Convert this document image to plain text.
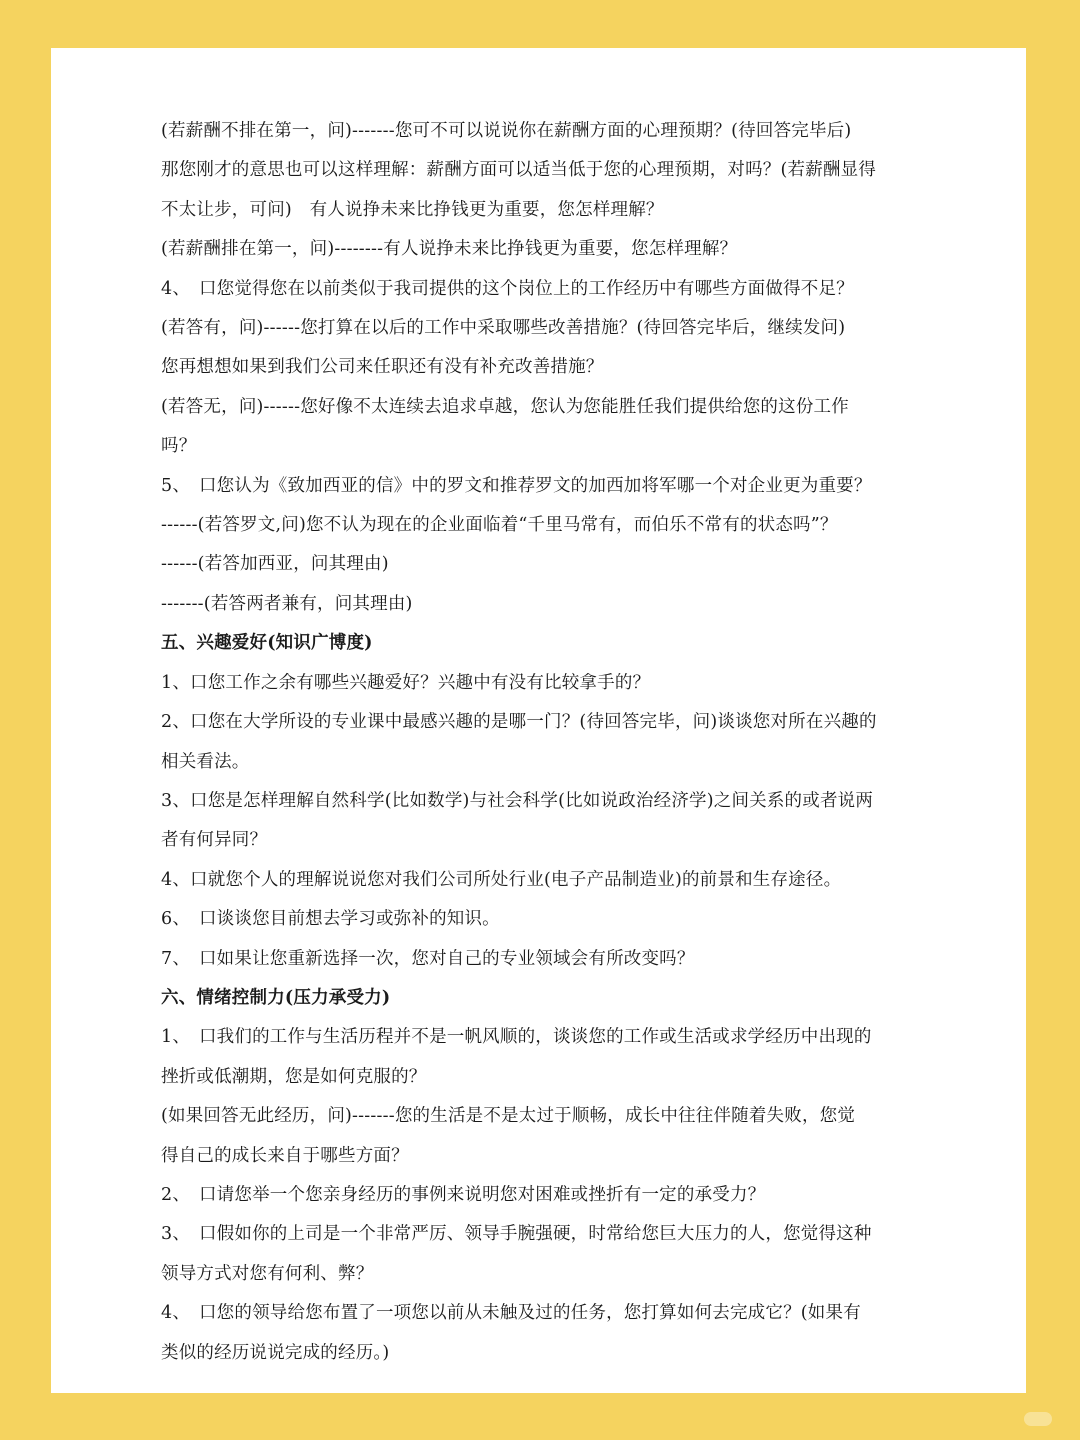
(若薪酬不排在第一，问)-------您可不可以说说你在薪酬方面的心理预期？(待回答完毕后)
那您刚才的意思也可以这样理解：薪酬方面可以适当低于您的心理预期，对吗？(若薪酬显得
不太让步，可问)　有人说挣未来比挣钱更为重要，您怎样理解？
(若薪酬排在第一，问)--------有人说挣未来比挣钱更为重要，您怎样理解？
4、　口您觉得您在以前类似于我司提供的这个岗位上的工作经历中有哪些方面做得不足？
(若答有，问)------您打算在以后的工作中采取哪些改善措施？(待回答完毕后，继续发问)
您再想想如果到我们公司来任职还有没有补充改善措施？
(若答无，问)------您好像不太连续去追求卓越，您认为您能胜任我们提供给您的这份工作
吗？
5、　口您认为《致加西亚的信》中的罗文和推荐罗文的加西加将军哪一个对企业更为重要？
------(若答罗文,问)您不认为现在的企业面临着“千里马常有，而伯乐不常有的状态吗”？
------(若答加西亚，问其理由)
-------(若答两者兼有，问其理由)
五、兴趣爱好(知识广博度)
1、口您工作之余有哪些兴趣爱好？兴趣中有没有比较拿手的？
2、口您在大学所设的专业课中最感兴趣的是哪一门？(待回答完毕，问)谈谈您对所在兴趣的
相关看法。
3、口您是怎样理解自然科学(比如数学)与社会科学(比如说政治经济学)之间关系的或者说两
者有何异同？
4、口就您个人的理解说说您对我们公司所处行业(电子产品制造业)的前景和生存途径。
6、　口谈谈您目前想去学习或弥补的知识。
7、　口如果让您重新选择一次，您对自己的专业领域会有所改变吗？
六、情绪控制力(压力承受力)
1、　口我们的工作与生活历程并不是一帆风顺的，谈谈您的工作或生活或求学经历中出现的
挫折或低潮期，您是如何克服的？
(如果回答无此经历，问)-------您的生活是不是太过于顺畅，成长中往往伴随着失败，您觉
得自己的成长来自于哪些方面？
2、　口请您举一个您亲身经历的事例来说明您对困难或挫折有一定的承受力？
3、　口假如你的上司是一个非常严厉、领导手腕强硬，时常给您巨大压力的人，您觉得这种
领导方式对您有何利、弊？
4、　口您的领导给您布置了一项您以前从未触及过的任务，您打算如何去完成它？(如果有
类似的经历说说完成的经历。)
